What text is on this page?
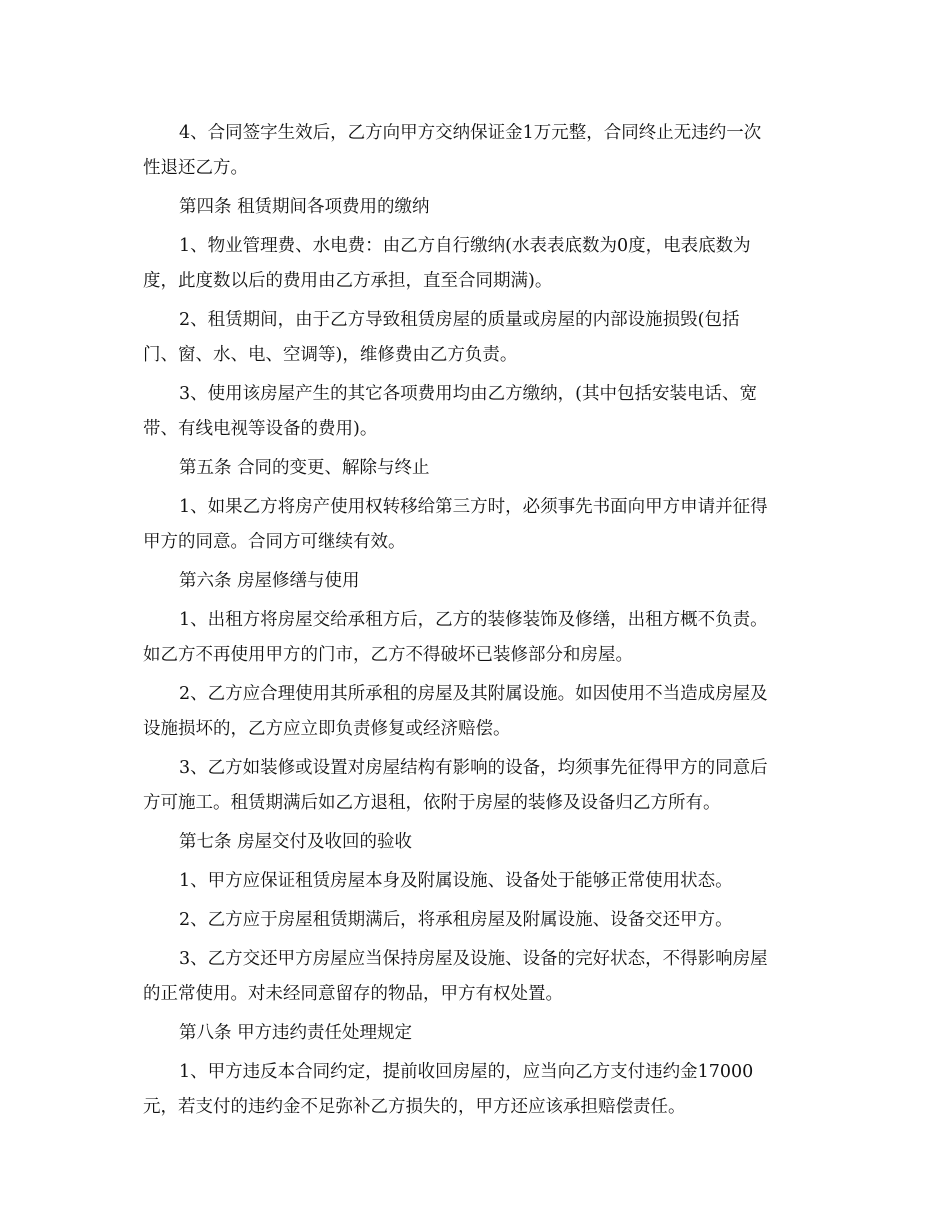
4、合同签字生效后，乙方向甲方交纳保证金1万元整，合同终止无违约一次
性退还乙方。

第四条 租赁期间各项费用的缴纳

1、物业管理费、水电费：由乙方自行缴纳(水表表底数为0度，电表底数为
度，此度数以后的费用由乙方承担，直至合同期满)。

2、租赁期间，由于乙方导致租赁房屋的质量或房屋的内部设施损毁(包括
门、窗、水、电、空调等)，维修费由乙方负责。

3、使用该房屋产生的其它各项费用均由乙方缴纳，(其中包括安装电话、宽
带、有线电视等设备的费用)。

第五条 合同的变更、解除与终止

1、如果乙方将房产使用权转移给第三方时，必须事先书面向甲方申请并征得
甲方的同意。合同方可继续有效。

第六条 房屋修缮与使用

1、出租方将房屋交给承租方后，乙方的装修装饰及修缮，出租方概不负责。
如乙方不再使用甲方的门市，乙方不得破坏已装修部分和房屋。

2、乙方应合理使用其所承租的房屋及其附属设施。如因使用不当造成房屋及
设施损坏的，乙方应立即负责修复或经济赔偿。

3、乙方如装修或设置对房屋结构有影响的设备，均须事先征得甲方的同意后
方可施工。租赁期满后如乙方退租，依附于房屋的装修及设备归乙方所有。

第七条 房屋交付及收回的验收

1、甲方应保证租赁房屋本身及附属设施、设备处于能够正常使用状态。

2、乙方应于房屋租赁期满后，将承租房屋及附属设施、设备交还甲方。

3、乙方交还甲方房屋应当保持房屋及设施、设备的完好状态，不得影响房屋
的正常使用。对未经同意留存的物品，甲方有权处置。

第八条 甲方违约责任处理规定

1、甲方违反本合同约定，提前收回房屋的，应当向乙方支付违约金17000
元，若支付的违约金不足弥补乙方损失的，甲方还应该承担赔偿责任。
